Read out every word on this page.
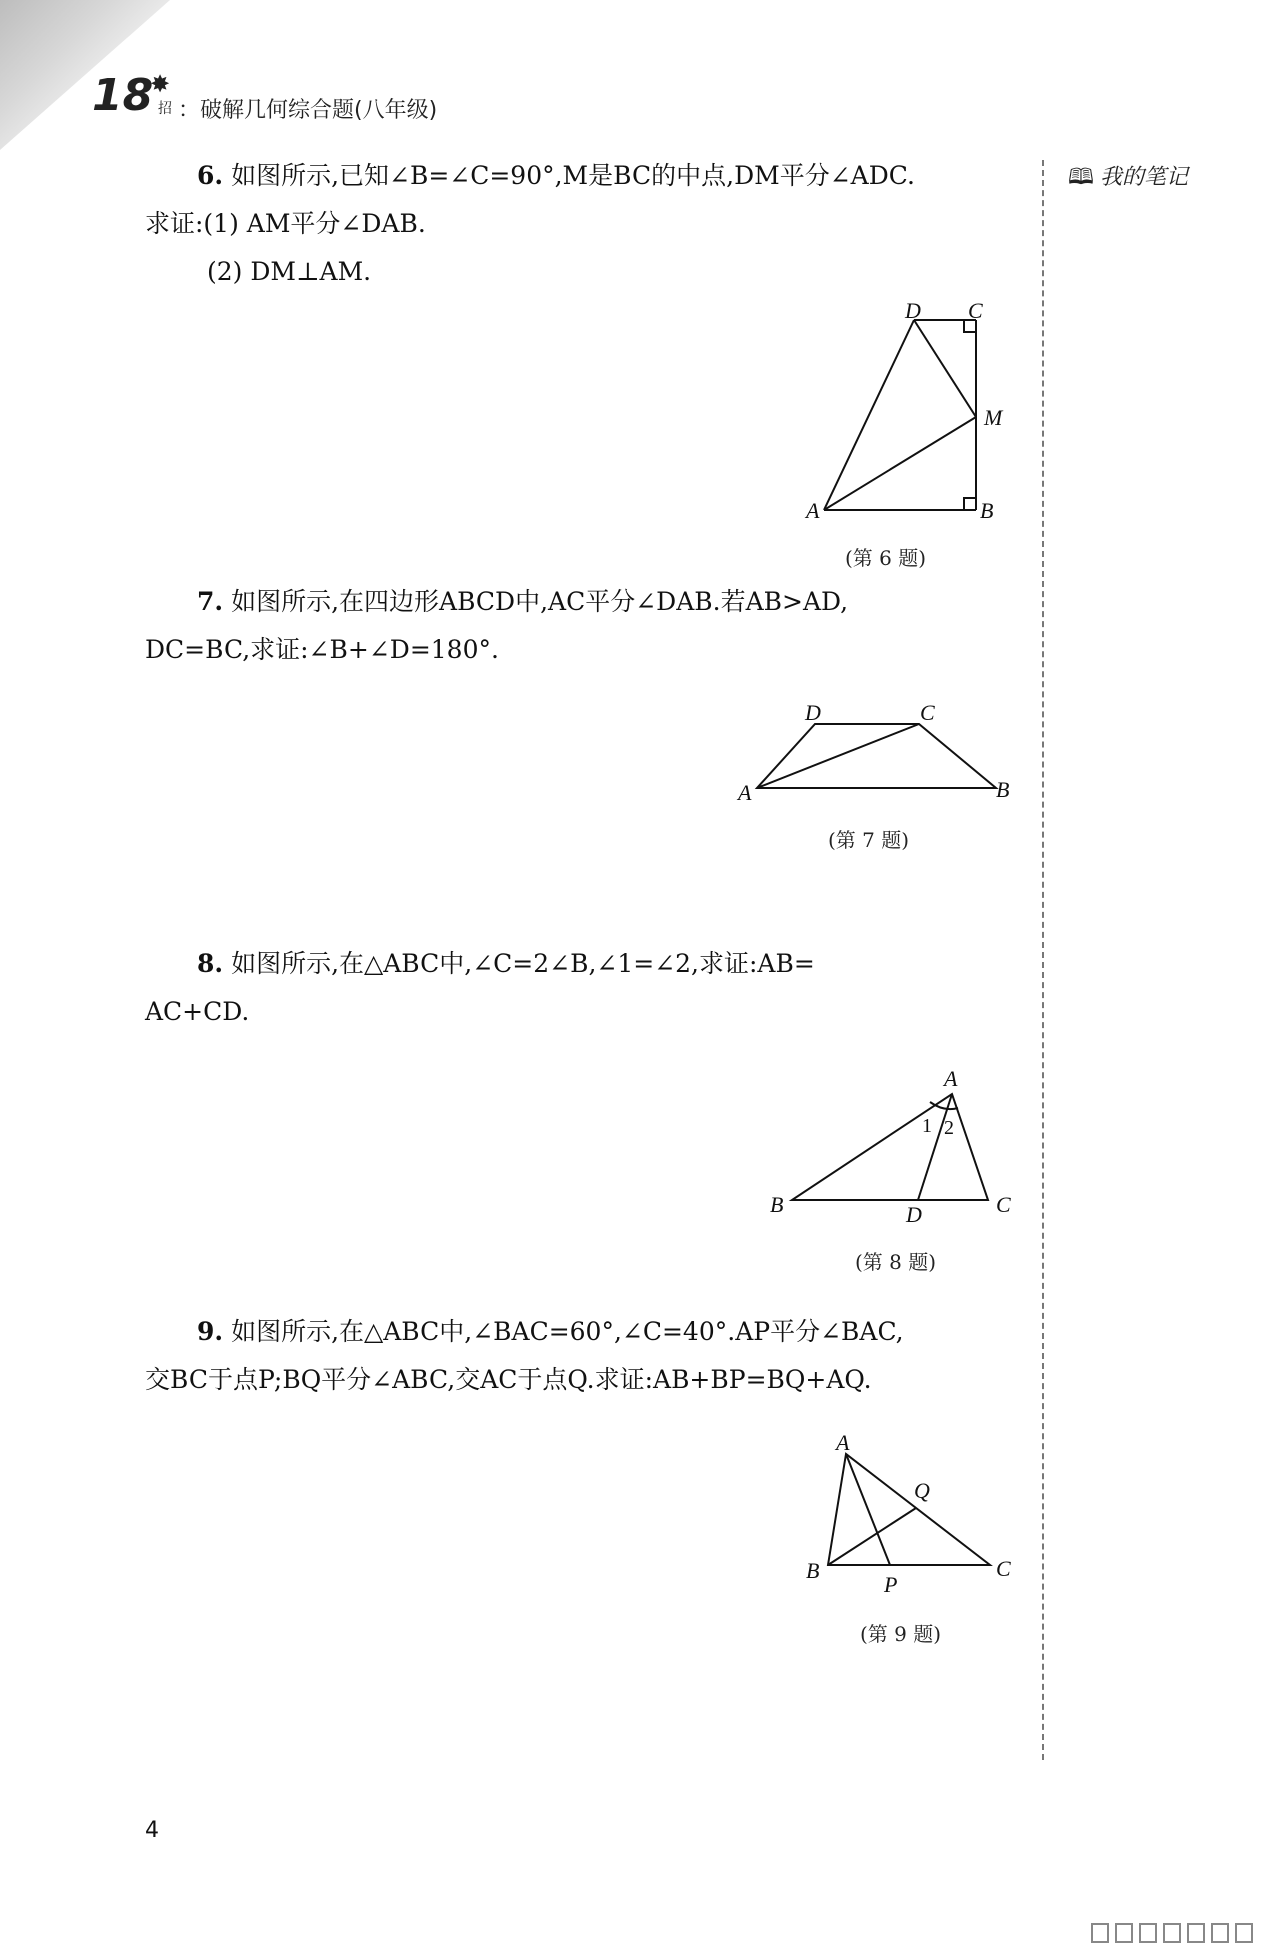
18
✸
招 ：破解几何综合题(八年级)
🕮 我的笔记
6. 如图所示,已知∠B=∠C=90°,M是BC的中点,DM平分∠ADC.
求证:(1) AM平分∠DAB.
(2) DM⊥AM.
D C
M
A	B
(第 6 题)
7. 如图所示,在四边形ABCD中,AC平分∠DAB.若AB>AD,
DC=BC,求证:∠B+∠D=180°.
D	C
A	B
(第 7 题)
8. 如图所示,在△ABC中,∠C=2∠B,∠1=∠2,求证:AB=
AC+CD.
A
1 2
B	D	C
(第 8 题)
9. 如图所示,在△ABC中,∠BAC=60°,∠C=40°.AP平分∠BAC,
交BC于点P;BQ平分∠ABC,交AC于点Q.求证:AB+BP=BQ+AQ.
A
Q
B
P
C
(第 9 题)
4
